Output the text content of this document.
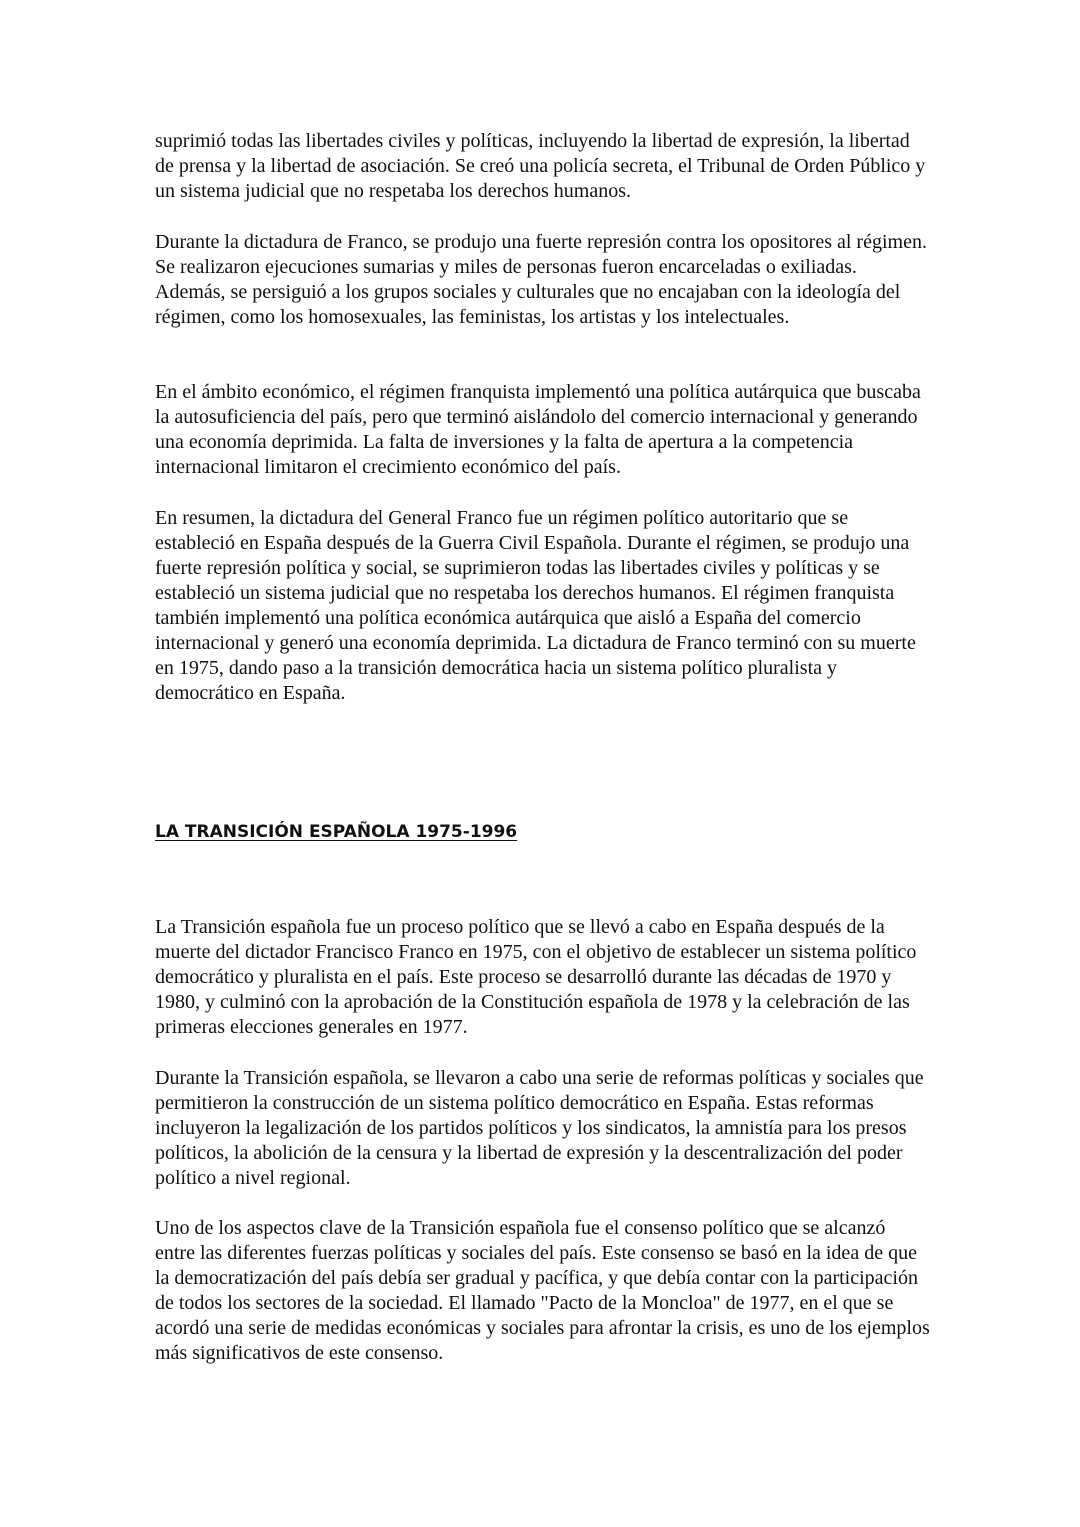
suprimió todas las libertades civiles y políticas, incluyendo la libertad de expresión, la libertad de prensa y la libertad de asociación. Se creó una policía secreta, el Tribunal de Orden Público y un sistema judicial que no respetaba los derechos humanos.

Durante la dictadura de Franco, se produjo una fuerte represión contra los opositores al régimen. Se realizaron ejecuciones sumarias y miles de personas fueron encarceladas o exiliadas. Además, se persiguió a los grupos sociales y culturales que no encajaban con la ideología del régimen, como los homosexuales, las feministas, los artistas y los intelectuales.

En el ámbito económico, el régimen franquista implementó una política autárquica que buscaba la autosuficiencia del país, pero que terminó aislándolo del comercio internacional y generando una economía deprimida. La falta de inversiones y la falta de apertura a la competencia internacional limitaron el crecimiento económico del país.

En resumen, la dictadura del General Franco fue un régimen político autoritario que se estableció en España después de la Guerra Civil Española. Durante el régimen, se produjo una fuerte represión política y social, se suprimieron todas las libertades civiles y políticas y se estableció un sistema judicial que no respetaba los derechos humanos. El régimen franquista también implementó una política económica autárquica que aisló a España del comercio internacional y generó una economía deprimida. La dictadura de Franco terminó con su muerte en 1975, dando paso a la transición democrática hacia un sistema político pluralista y democrático en España.

LA TRANSICIÓN ESPAÑOLA 1975-1996

La Transición española fue un proceso político que se llevó a cabo en España después de la muerte del dictador Francisco Franco en 1975, con el objetivo de establecer un sistema político democrático y pluralista en el país. Este proceso se desarrolló durante las décadas de 1970 y 1980, y culminó con la aprobación de la Constitución española de 1978 y la celebración de las primeras elecciones generales en 1977.

Durante la Transición española, se llevaron a cabo una serie de reformas políticas y sociales que permitieron la construcción de un sistema político democrático en España. Estas reformas incluyeron la legalización de los partidos políticos y los sindicatos, la amnistía para los presos políticos, la abolición de la censura y la libertad de expresión y la descentralización del poder político a nivel regional.

Uno de los aspectos clave de la Transición española fue el consenso político que se alcanzó entre las diferentes fuerzas políticas y sociales del país. Este consenso se basó en la idea de que la democratización del país debía ser gradual y pacífica, y que debía contar con la participación de todos los sectores de la sociedad. El llamado "Pacto de la Moncloa" de 1977, en el que se acordó una serie de medidas económicas y sociales para afrontar la crisis, es uno de los ejemplos más significativos de este consenso.
